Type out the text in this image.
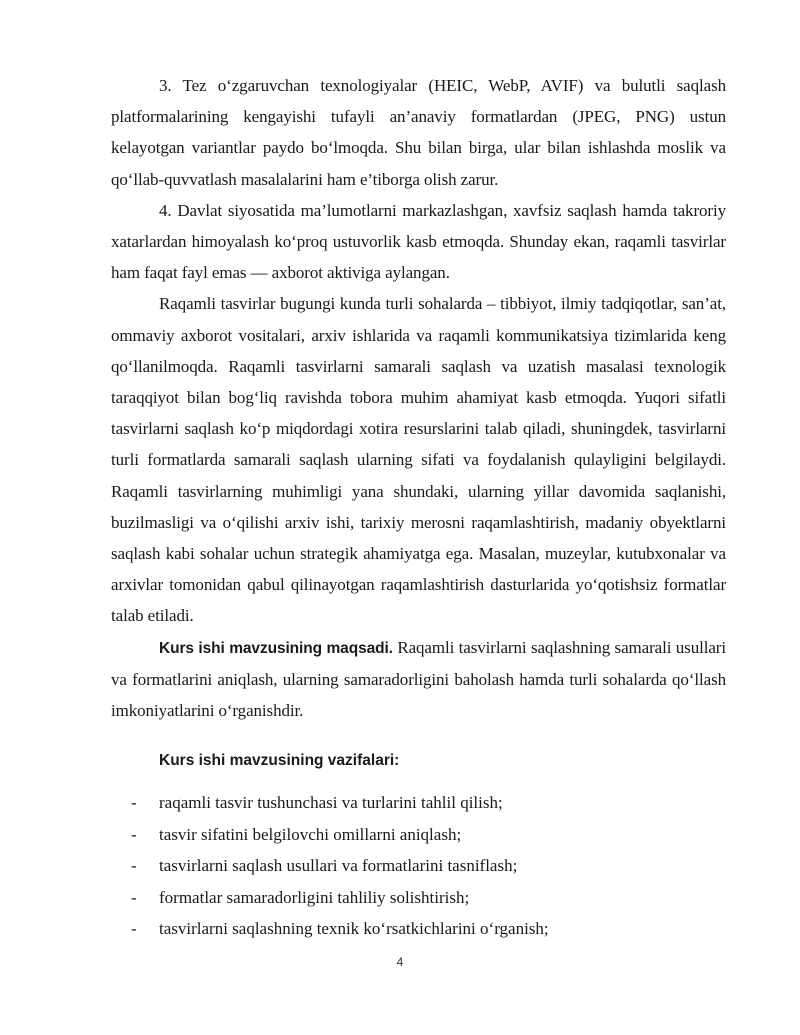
3. Tez o‘zgaruvchan texnologiyalar (HEIC, WebP, AVIF) va bulutli saqlash platformalarining kengayishi tufayli an’anaviy formatlardan (JPEG, PNG) ustun kelayotgan variantlar paydo bo‘lmoqda. Shu bilan birga, ular bilan ishlashda moslik va qo‘llab-quvvatlash masalalarini ham e’tiborga olish zarur.

4. Davlat siyosatida ma’lumotlarni markazlashgan, xavfsiz saqlash hamda takroriy xatarlardan himoyalash ko‘proq ustuvorlik kasb etmoqda. Shunday ekan, raqamli tasvirlar ham faqat fayl emas — axborot aktiviga aylangan.

Raqamli tasvirlar bugungi kunda turli sohalarda – tibbiyot, ilmiy tadqiqotlar, san’at, ommaviy axborot vositalari, arxiv ishlarida va raqamli kommunikatsiya tizimlarida keng qo‘llanilmoqda. Raqamli tasvirlarni samarali saqlash va uzatish masalasi texnologik taraqqiyot bilan bog‘liq ravishda tobora muhim ahamiyat kasb etmoqda. Yuqori sifatli tasvirlarni saqlash ko‘p miqdordagi xotira resurslarini talab qiladi, shuningdek, tasvirlarni turli formatlarda samarali saqlash ularning sifati va foydalanish qulayligini belgilaydi. Raqamli tasvirlarning muhimligi yana shundaki, ularning yillar davomida saqlanishi, buzilmasligi va o‘qilishi arxiv ishi, tarixiy merosni raqamlashtirish, madaniy obyektlarni saqlash kabi sohalar uchun strategik ahamiyatga ega. Masalan, muzeylar, kutubxonalar va arxivlar tomonidan qabul qilinayotgan raqamlashtirish dasturlarida yo‘qotishsiz formatlar talab etiladi.

Kurs ishi mavzusining maqsadi. Raqamli tasvirlarni saqlashning samarali usullari va formatlarini aniqlash, ularning samaradorligini baholash hamda turli sohalarda qo‘llash imkoniyatlarini o‘rganishdir.

Kurs ishi mavzusining vazifalari:
-	raqamli tasvir tushunchasi va turlarini tahlil qilish;
-	tasvir sifatini belgilovchi omillarni aniqlash;
-	tasvirlarni saqlash usullari va formatlarini tasniflash;
-	formatlar samaradorligini tahliliy solishtirish;
-	tasvirlarni saqlashning texnik ko‘rsatkichlarini o‘rganish;
4
